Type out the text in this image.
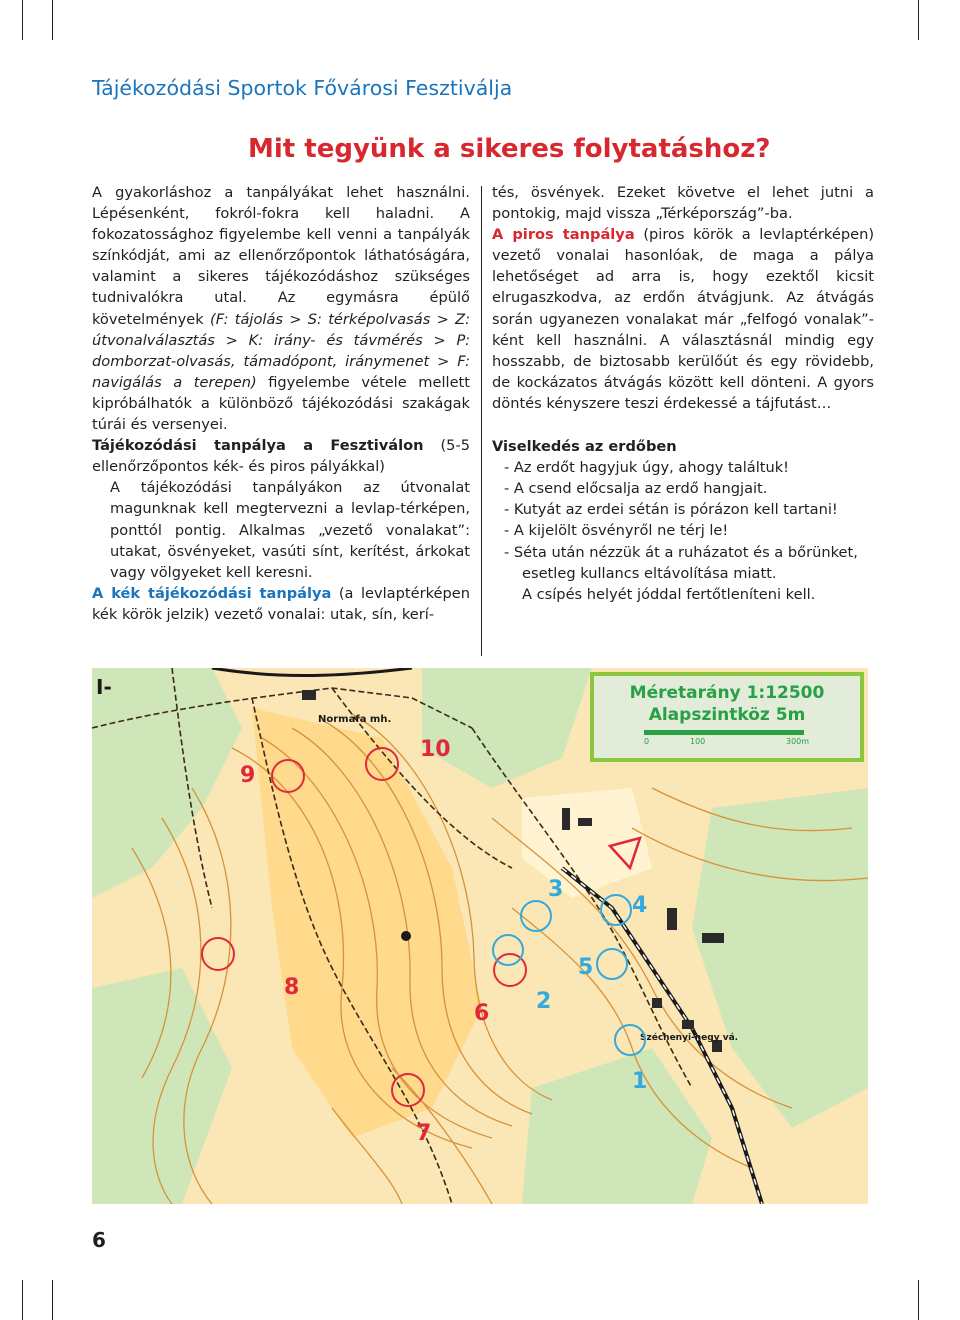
Tájékozódási Sportok Fővárosi Fesztiválja
Mit tegyünk a sikeres folytatáshoz?

A gyakorláshoz a tanpályákat lehet használni. Lépésenként, fokról-fokra kell haladni. A fokozatossághoz figyelembe kell venni a tanpályák színkódját, ami az ellenőrzőpontok láthatóságára, valamint a sikeres tájékozódáshoz szükséges tudnivalókra utal. Az egymásra épülő követelmények (F: tájolás > S: térképolvasás > Z: útvonalválasztás > K: irány- és távmérés > P: domborzat-olvasás, támadópont, iránymenet > F: navigálás a terepen) figyelembe vétele mellett kipróbálhatók a különböző tájékozódási szakágak túrái és versenyei.

Tájékozódási tanpálya a Fesztiválon (5-5 ellenőrzőpontos kék- és piros pályákkal)

A tájékozódási tanpályákon az útvonalat magunknak kell megtervezni a levlap-térképen, ponttól pontig. Alkalmas „vezető vonalakat”: utakat, ösvényeket, vasúti sínt, kerítést, árkokat vagy völgyeket kell keresni.

A kék tájékozódási tanpálya (a levlaptérképen kék körök jelzik) vezető vonalai: utak, sín, kerí-

tés, ösvények. Ezeket követve el lehet jutni a pontokig, majd vissza „Térképország”-ba.

A piros tanpálya (piros körök a levlaptérképen) vezető vonalai hasonlóak, de maga a pálya lehetőséget ad arra is, hogy ezektől kicsit elrugaszkodva, az erdőn átvágjunk. Az átvágás során ugyanezen vonalakat már „felfogó vonalak”-ként kell használni. A választásnál mindig egy hosszabb, de biztosabb kerülőút és egy rövidebb, de kockázatos átvágás között kell dönteni. A gyors döntés kényszere teszi érdekessé a tájfutást…

Viselkedés az erdőben

- Az erdőt hagyjuk úgy, ahogy találtuk!

- A csend előcsalja az erdő hangjait.

- Kutyát az erdei sétán is pórázon kell tartani!

- A kijelölt ösvényről ne térj le!

- Séta után nézzük át a ruházatot és a bőrünket, esetleg kullancs eltávolítása miatt.

A csípés helyét jóddal fertőtleníteni kell.

Méretarány 1:12500
Alapszintköz 5m
0	100	300m
Normafa mh.
Széchenyi-hegy vá.
I-
9
10
6
7
8
1
2
3
4
5
6
